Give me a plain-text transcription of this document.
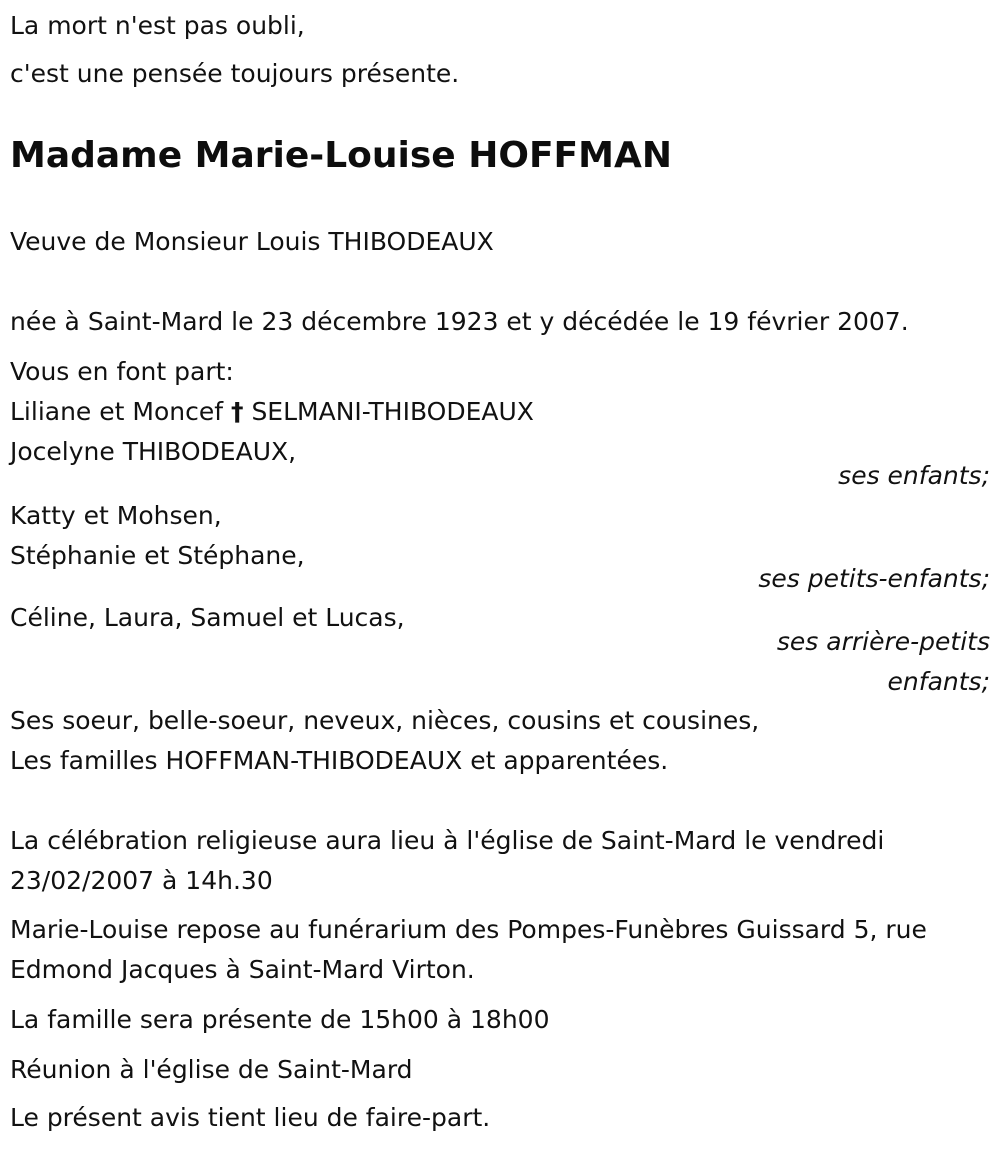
La mort n'est pas oubli,
c'est une pensée toujours présente.
Madame Marie-Louise HOFFMAN
Veuve de Monsieur Louis THIBODEAUX
née à Saint-Mard le 23 décembre 1923 et y décédée le 19 février 2007.
Vous en font part:
Liliane et Moncef † SELMANI-THIBODEAUX
Jocelyne THIBODEAUX,
ses enfants;
Katty et Mohsen,
Stéphanie et Stéphane,
ses petits-enfants;
Céline, Laura, Samuel et Lucas,
ses arrière-petits
enfants;
Ses soeur, belle-soeur, neveux, nièces, cousins et cousines,
Les familles HOFFMAN-THIBODEAUX et apparentées.
La célébration religieuse aura lieu à l'église de Saint-Mard le vendredi
23/02/2007 à 14h.30
Marie-Louise repose au funérarium des Pompes-Funèbres Guissard 5, rue
Edmond Jacques à Saint-Mard Virton.
La famille sera présente de 15h00 à 18h00
Réunion à l'église de Saint-Mard
Le présent avis tient lieu de faire-part.
